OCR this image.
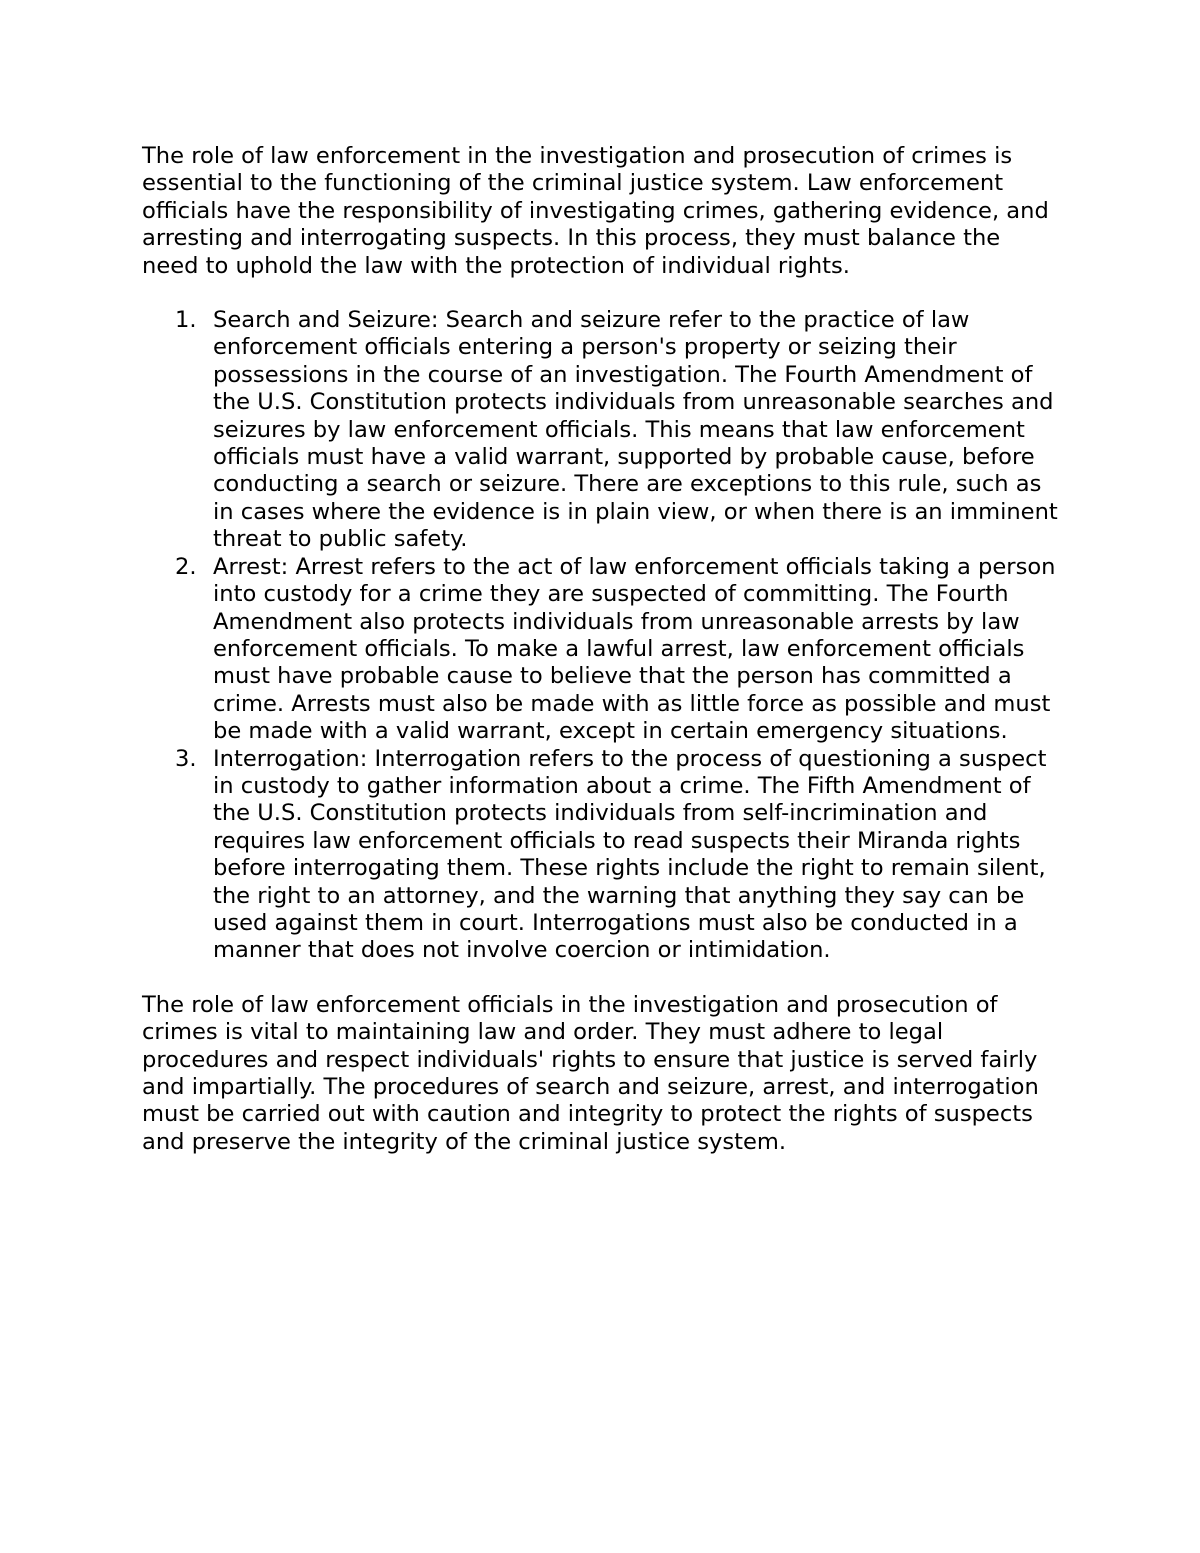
The role of law enforcement in the investigation and prosecution of crimes is essential to the functioning of the criminal justice system. Law enforcement officials have the responsibility of investigating crimes, gathering evidence, and arresting and interrogating suspects. In this process, they must balance the need to uphold the law with the protection of individual rights.

1. Search and Seizure: Search and seizure refer to the practice of law enforcement officials entering a person's property or seizing their possessions in the course of an investigation. The Fourth Amendment of the U.S. Constitution protects individuals from unreasonable searches and seizures by law enforcement officials. This means that law enforcement officials must have a valid warrant, supported by probable cause, before conducting a search or seizure. There are exceptions to this rule, such as in cases where the evidence is in plain view, or when there is an imminent threat to public safety.
2. Arrest: Arrest refers to the act of law enforcement officials taking a person into custody for a crime they are suspected of committing. The Fourth Amendment also protects individuals from unreasonable arrests by law enforcement officials. To make a lawful arrest, law enforcement officials must have probable cause to believe that the person has committed a crime. Arrests must also be made with as little force as possible and must be made with a valid warrant, except in certain emergency situations.
3. Interrogation: Interrogation refers to the process of questioning a suspect in custody to gather information about a crime. The Fifth Amendment of the U.S. Constitution protects individuals from self-incrimination and requires law enforcement officials to read suspects their Miranda rights before interrogating them. These rights include the right to remain silent, the right to an attorney, and the warning that anything they say can be used against them in court. Interrogations must also be conducted in a manner that does not involve coercion or intimidation.

The role of law enforcement officials in the investigation and prosecution of crimes is vital to maintaining law and order. They must adhere to legal procedures and respect individuals' rights to ensure that justice is served fairly and impartially. The procedures of search and seizure, arrest, and interrogation must be carried out with caution and integrity to protect the rights of suspects and preserve the integrity of the criminal justice system.
